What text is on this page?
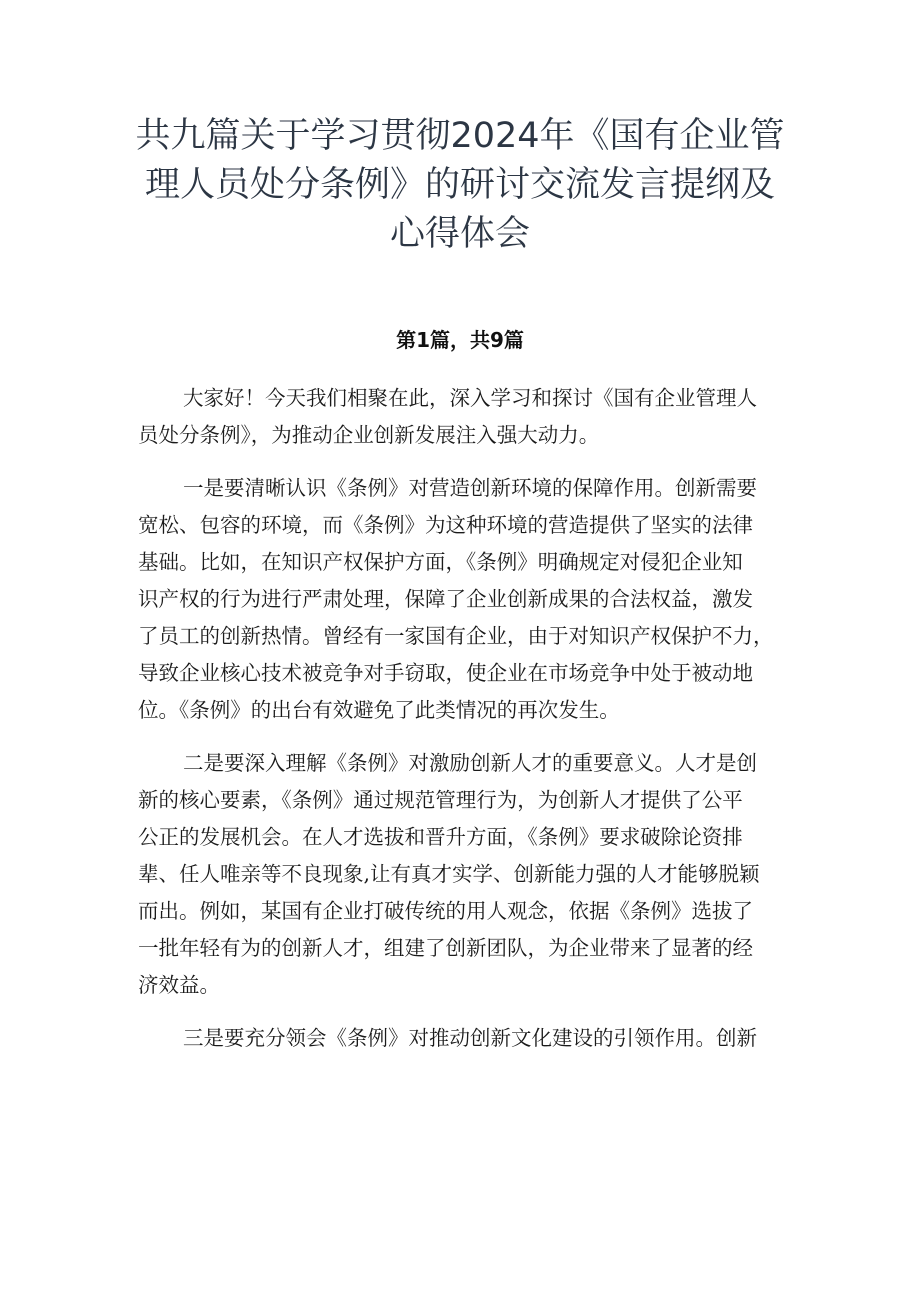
共九篇关于学习贯彻2024年《国有企业管
理人员处分条例》的研讨交流发言提纲及
心得体会
第1篇，共9篇
大家好！今天我们相聚在此，深入学习和探讨《国有企业管理人
员处分条例》，为推动企业创新发展注入强大动力。
一是要清晰认识《条例》对营造创新环境的保障作用。创新需要
宽松、包容的环境，而《条例》为这种环境的营造提供了坚实的法律
基础。比如，在知识产权保护方面，《条例》明确规定对侵犯企业知
识产权的行为进行严肃处理，保障了企业创新成果的合法权益，激发
了员工的创新热情。曾经有一家国有企业，由于对知识产权保护不力，
导致企业核心技术被竞争对手窃取，使企业在市场竞争中处于被动地
位。《条例》的出台有效避免了此类情况的再次发生。
二是要深入理解《条例》对激励创新人才的重要意义。人才是创
新的核心要素，《条例》通过规范管理行为，为创新人才提供了公平
公正的发展机会。在人才选拔和晋升方面，《条例》要求破除论资排
辈、任人唯亲等不良现象,让有真才实学、创新能力强的人才能够脱颖
而出。例如，某国有企业打破传统的用人观念，依据《条例》选拔了
一批年轻有为的创新人才，组建了创新团队，为企业带来了显著的经
济效益。
三是要充分领会《条例》对推动创新文化建设的引领作用。创新
